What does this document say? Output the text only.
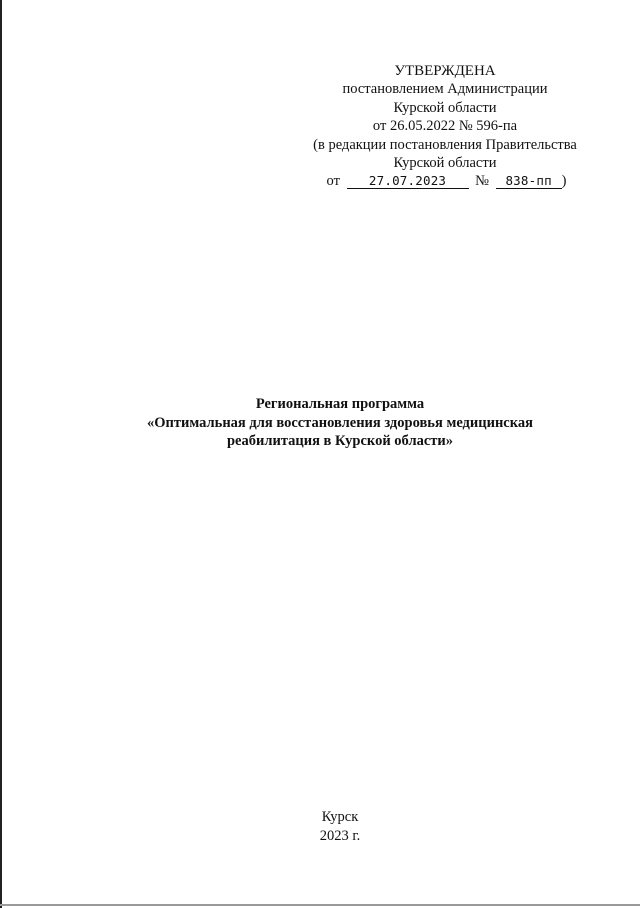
УТВЕРЖДЕНА
постановлением Администрации
Курской области
от 26.05.2022 № 596-па
(в редакции постановления Правительства
Курской области
от 27.07.2023 № 838-пп )
Региональная программа
«Оптимальная для восстановления здоровья медицинская
реабилитация в Курской области»
Курск
2023 г.
